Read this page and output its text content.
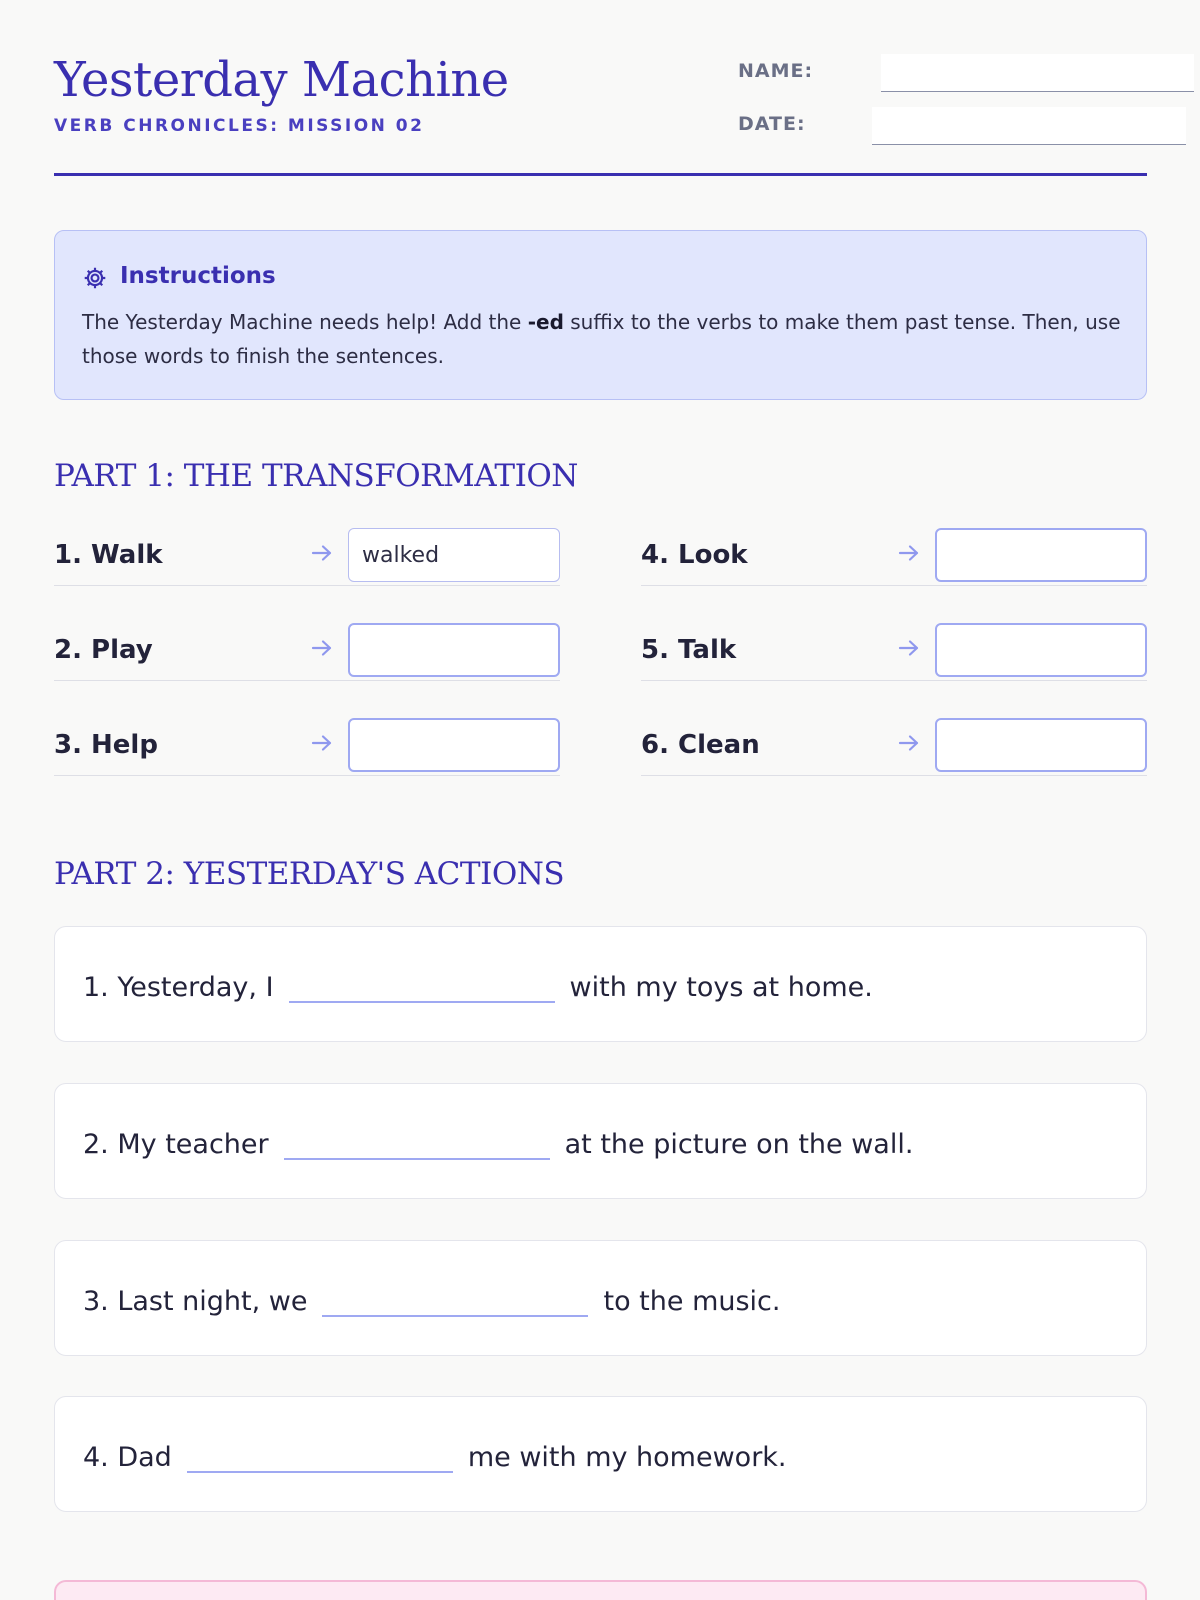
Yesterday Machine
VERB CHRONICLES: MISSION 02
NAME:
DATE:
Instructions
The Yesterday Machine needs help! Add the -ed suffix to the verbs to make them past tense. Then, use those words to finish the sentences.
PART 1: THE TRANSFORMATION
1. Walk
walked
2. Play
3. Help
4. Look
5. Talk
6. Clean
PART 2: YESTERDAY'S ACTIONS
1. Yesterday, I	with my toys at home.
2. My teacher	at the picture on the wall.
3. Last night, we	to the music.
4. Dad	me with my homework.
